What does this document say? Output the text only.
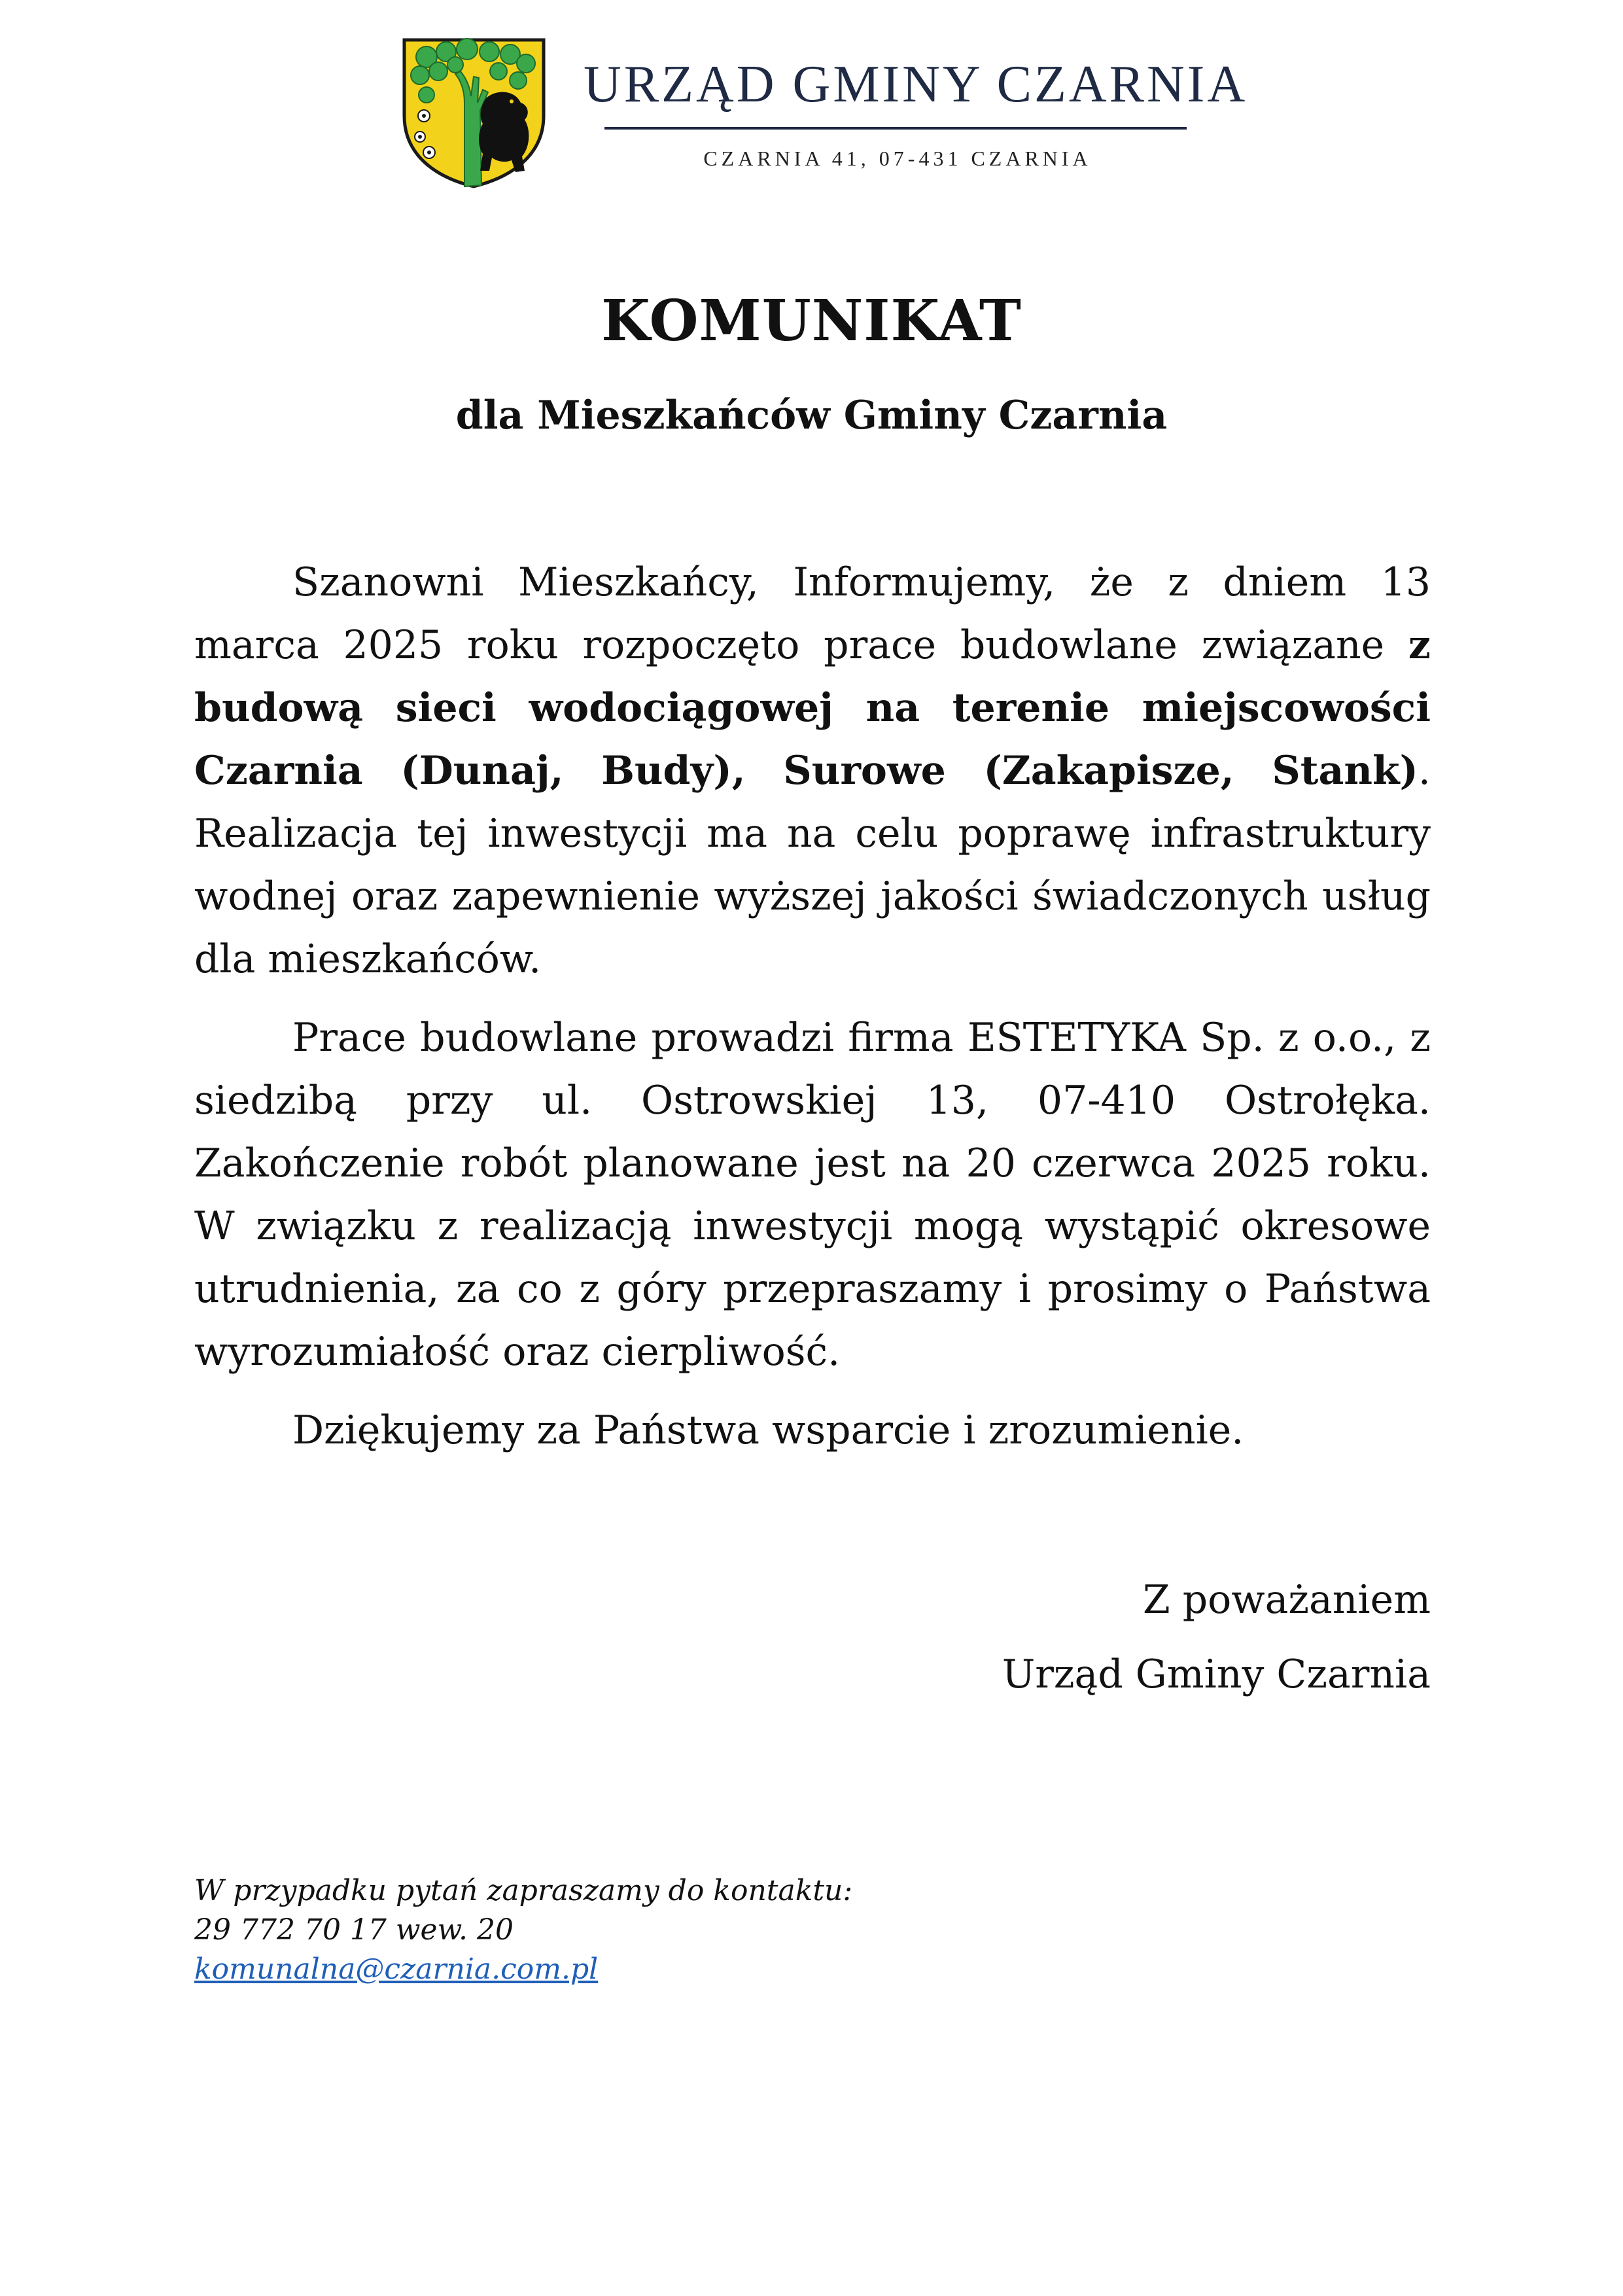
URZĄD GMINY CZARNIA
CZARNIA 41, 07-431 CZARNIA
KOMUNIKAT
dla Mieszkańców Gminy Czarnia

Szanowni Mieszkańcy, Informujemy, że z dniem 13 marca 2025 roku rozpoczęto prace budowlane związane z budową sieci wodociągowej na terenie miejscowości Czarnia (Dunaj, Budy), Surowe (Zakapisze, Stank). Realizacja tej inwestycji ma na celu poprawę infrastruktury wodnej oraz zapewnienie wyższej jakości świadczonych usług dla mieszkańców.

Prace budowlane prowadzi firma ESTETYKA Sp. z o.o., z siedzibą przy ul. Ostrowskiej 13, 07-410 Ostrołęka. Zakończenie robót planowane jest na 20 czerwca 2025 roku. W związku z realizacją inwestycji mogą wystąpić okresowe utrudnienia, za co z góry przepraszamy i prosimy o Państwa wyrozumiałość oraz cierpliwość.

Dziękujemy za Państwa wsparcie i zrozumienie.

Z poważaniem
Urząd Gminy Czarnia
W przypadku pytań zapraszamy do kontaktu:
29 772 70 17 wew. 20
komunalna@czarnia.com.pl
